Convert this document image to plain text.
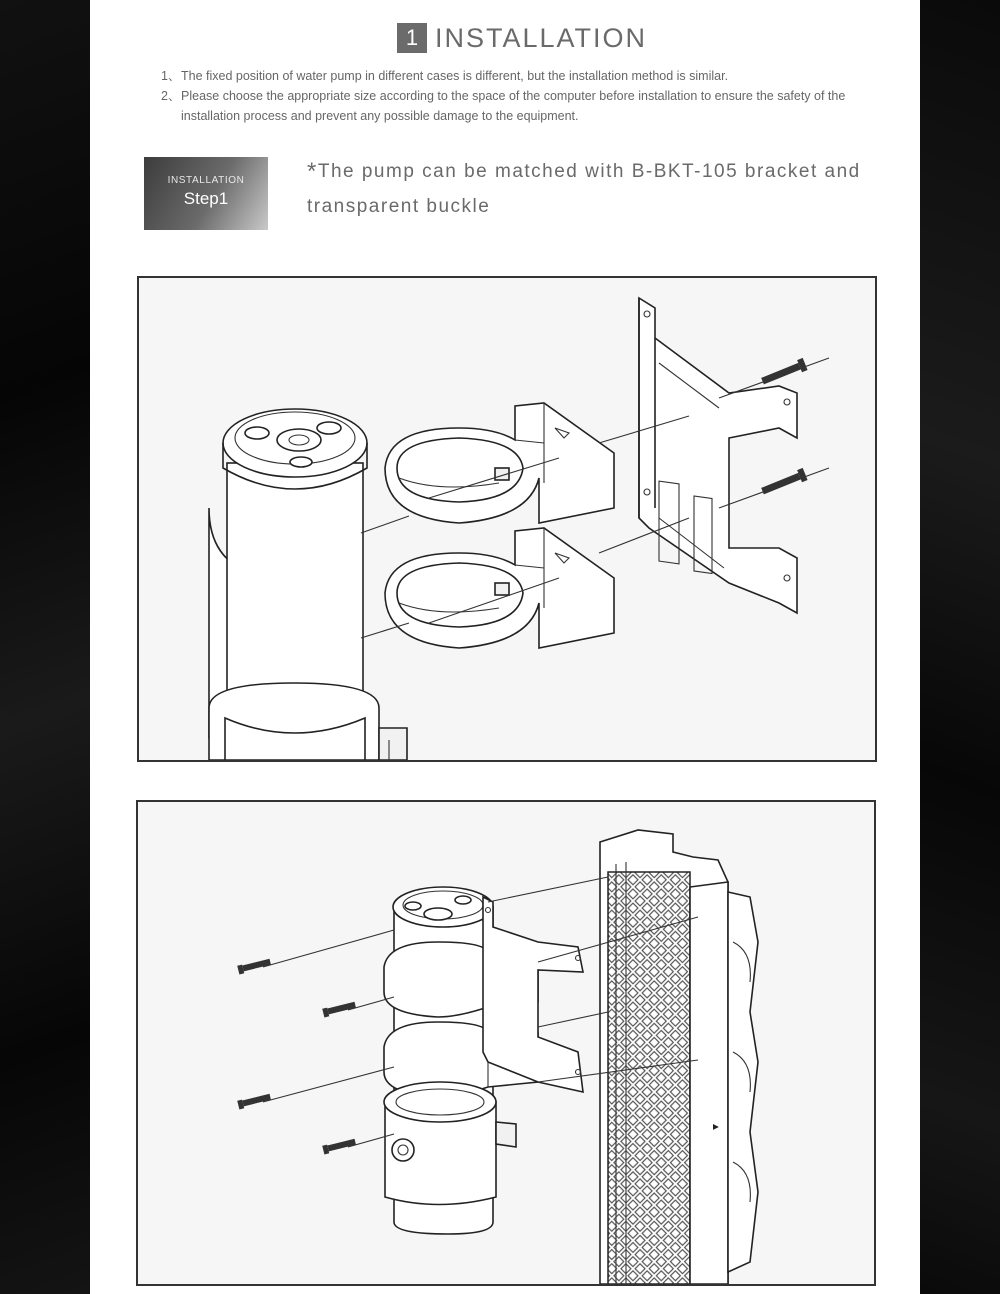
1 INSTALLATION
1、 The fixed position of water pump in different cases is different, but the installation method is similar.
2、 Please choose the appropriate size according to the space of the computer before installation to ensure the safety of the installation process and prevent any possible damage to the equipment.
INSTALLATION
Step1
*The pump can be matched with B-BKT-105 bracket and transparent buckle
▲
